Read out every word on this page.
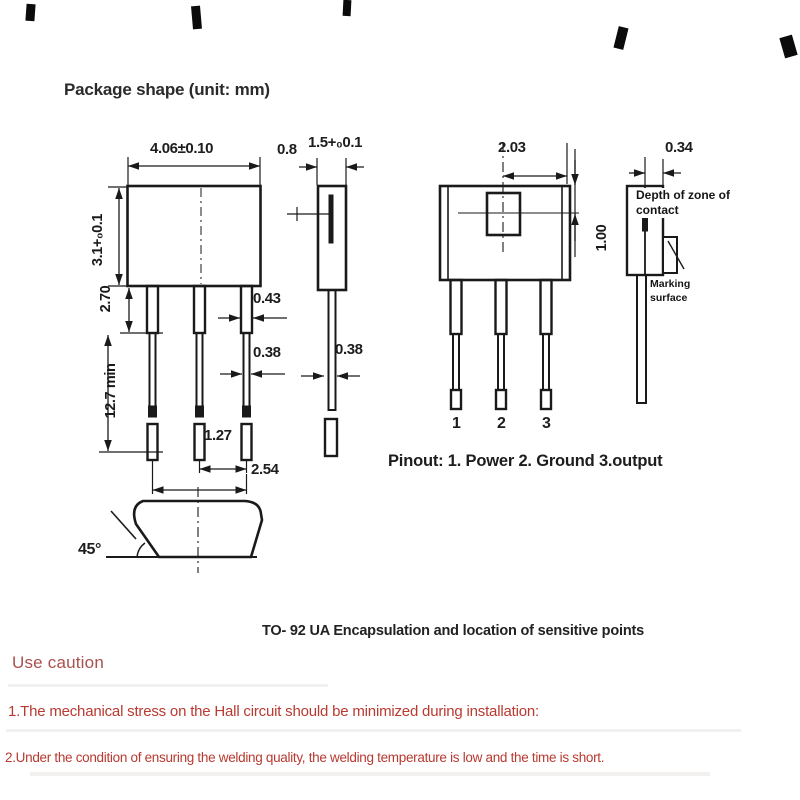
Package shape (unit: mm)
4.06±0.10
3.1+₀0.1
2.70
12.7 min
0.43
0.38
1.27
2.54
0.8 1.5+₀0.1
0.38
2.03
1.00
1 2 3
0.34
Depth of zone of contact
Marking surface
45°
Pinout: 1. Power 2. Ground 3.output
TO- 92 UA Encapsulation and location of sensitive points
Use caution
1.The mechanical stress on the Hall circuit should be minimized during installation:
2.Under the condition of ensuring the welding quality, the welding temperature is low and the time is short.
